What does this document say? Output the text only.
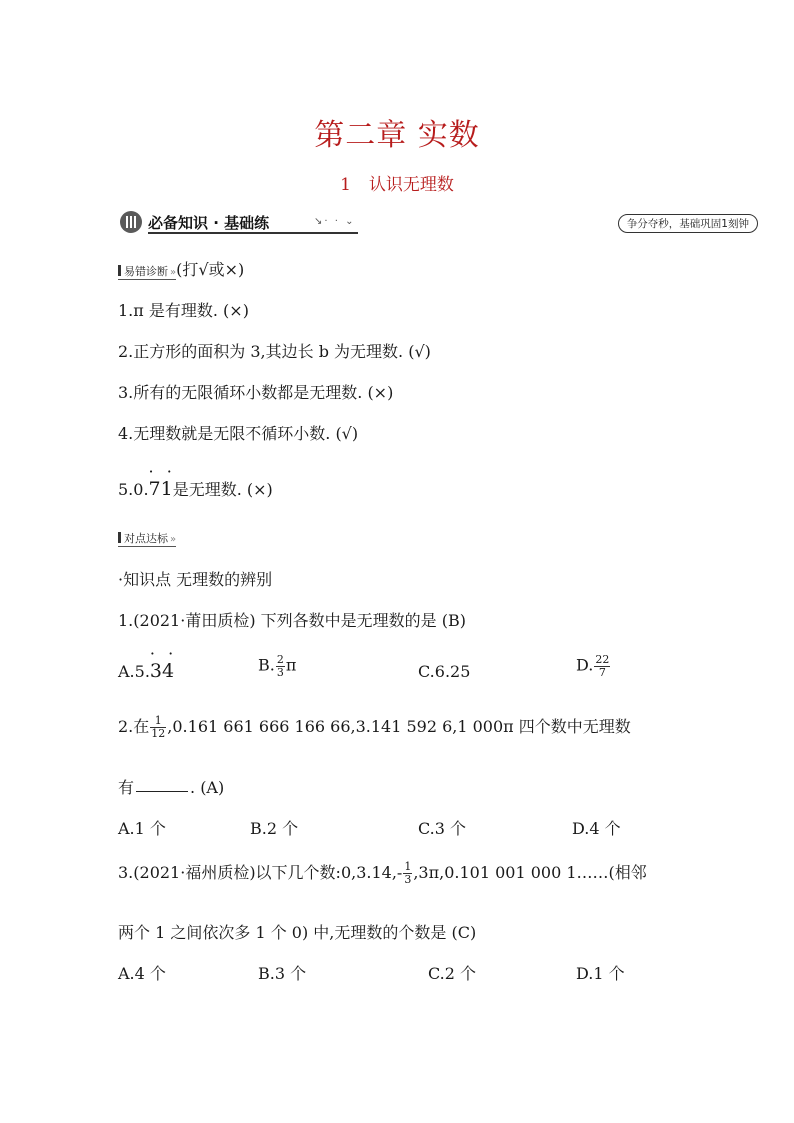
第二章 实数
1 认识无理数
必备知识 · 基础练	↘· · ⌄	争分夺秒，基础巩固1刻钟
易错诊断 »(打√或×)
1.π 是有理数. (×)
2.正方形的面积为 3,其边长 b 为无理数. (√)
3.所有的无限循环小数都是无理数. (×)
4.无理数就是无限不循环小数. (√)
5.0.
· ·
71是无理数. (×)
对点达标 »
·知识点 无理数的辨别
1.(2021·莆田质检) 下列各数中是无理数的是 (B)
A.5.
· ·
34	B. $\frac{2}{3}$ π	C.6.25	D. $\frac{22}{7}$
2.在 $\frac{1}{12} ,0.161$ 661 666 166 66,3.141 592 6,1 000π 四个数中无理数
有	. (A)
A.1 个	B.2 个	C.3 个	D.4 个
3.(2021·福州质检)以下几个数:0,3.14,- $\frac{1}{3} ,3\pi,0.101$ 001 000 1……(相邻
两个 1 之间依次多 1 个 0) 中,无理数的个数是 (C)
A.4 个	B.3 个	C.2 个	D.1 个
